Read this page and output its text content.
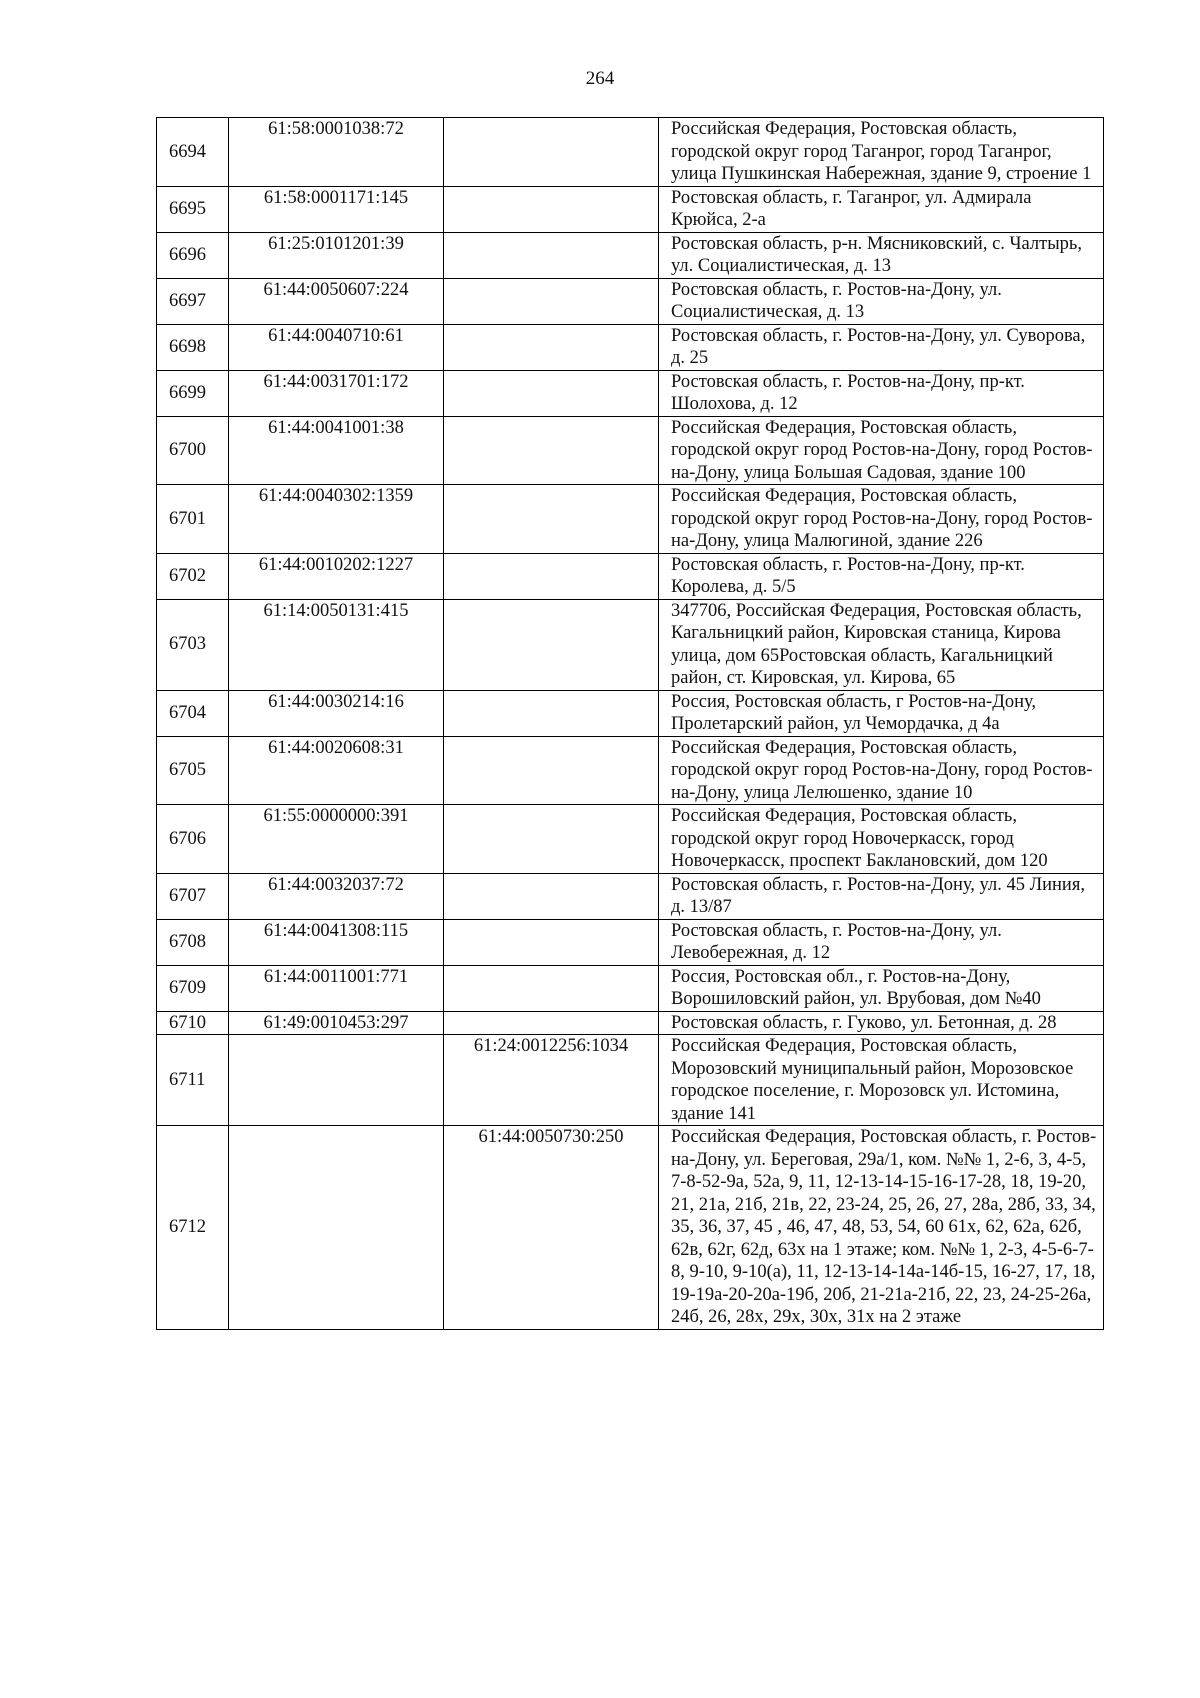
264
6694	61:58:0001038:72		Российская Федерация, Ростовская область, городской округ город Таганрог, город Таганрог, улица Пушкинская Набережная, здание 9, строение 1
6695	61:58:0001171:145		Ростовская область, г. Таганрог, ул. Адмирала Крюйса, 2-а
6696	61:25:0101201:39		Ростовская область, р-н. Мясниковский, с. Чалтырь, ул. Социалистическая, д. 13
6697	61:44:0050607:224		Ростовская область, г. Ростов-на-Дону, ул. Социалистическая, д. 13
6698	61:44:0040710:61		Ростовская область, г. Ростов-на-Дону, ул. Суворова, д. 25
6699	61:44:0031701:172		Ростовская область, г. Ростов-на-Дону, пр-кт. Шолохова, д. 12
6700	61:44:0041001:38		Российская Федерация, Ростовская область, городской округ город Ростов-на-Дону, город Ростов-на-Дону, улица Большая Садовая, здание 100
6701	61:44:0040302:1359		Российская Федерация, Ростовская область, городской округ город Ростов-на-Дону, город Ростов-на-Дону, улица Малюгиной, здание 226
6702	61:44:0010202:1227		Ростовская область, г. Ростов-на-Дону, пр-кт. Королева, д. 5/5
6703	61:14:0050131:415		347706, Российская Федерация, Ростовская область, Кагальницкий район, Кировская станица, Кирова улица, дом 65Ростовская область, Кагальницкий район, ст. Кировская, ул. Кирова, 65
6704	61:44:0030214:16		Россия, Ростовская область, г Ростов-на-Дону, Пролетарский район, ул Чемордачка, д 4а
6705	61:44:0020608:31		Российская Федерация, Ростовская область, городской округ город Ростов-на-Дону, город Ростов-на-Дону, улица Лелюшенко, здание 10
6706	61:55:0000000:391		Российская Федерация, Ростовская область, городской округ город Новочеркасск, город Новочеркасск, проспект Баклановский, дом 120
6707	61:44:0032037:72		Ростовская область, г. Ростов-на-Дону, ул. 45 Линия, д. 13/87
6708	61:44:0041308:115		Ростовская область, г. Ростов-на-Дону, ул. Левобережная, д. 12
6709	61:44:0011001:771		Россия, Ростовская обл., г. Ростов-на-Дону, Ворошиловский район, ул. Врубовая, дом №40
6710	61:49:0010453:297		Ростовская область, г. Гуково, ул. Бетонная, д. 28
6711		61:24:0012256:1034	Российская Федерация, Ростовская область, Морозовский муниципальный район, Морозовское городское поселение, г. Морозовск ул. Истомина, здание 141
6712		61:44:0050730:250	Российская Федерация, Ростовская область, г. Ростов-на-Дону, ул. Береговая, 29а/1, ком. №№ 1, 2-6, 3, 4-5, 7-8-52-9а, 52а, 9, 11, 12-13-14-15-16-17-28, 18, 19-20, 21, 21а, 21б, 21в, 22, 23-24, 25, 26, 27, 28а, 28б, 33, 34, 35, 36, 37, 45 , 46, 47, 48, 53, 54, 60 61х, 62, 62а, 62б, 62в, 62г, 62д, 63х на 1 этаже; ком. №№ 1, 2-3, 4-5-6-7-8, 9-10, 9-10(а), 11, 12-13-14-14а-14б-15, 16-27, 17, 18, 19-19а-20-20а-19б, 20б, 21-21а-21б, 22, 23, 24-25-26а, 24б, 26, 28х, 29х, 30х, 31х на 2 этаже
